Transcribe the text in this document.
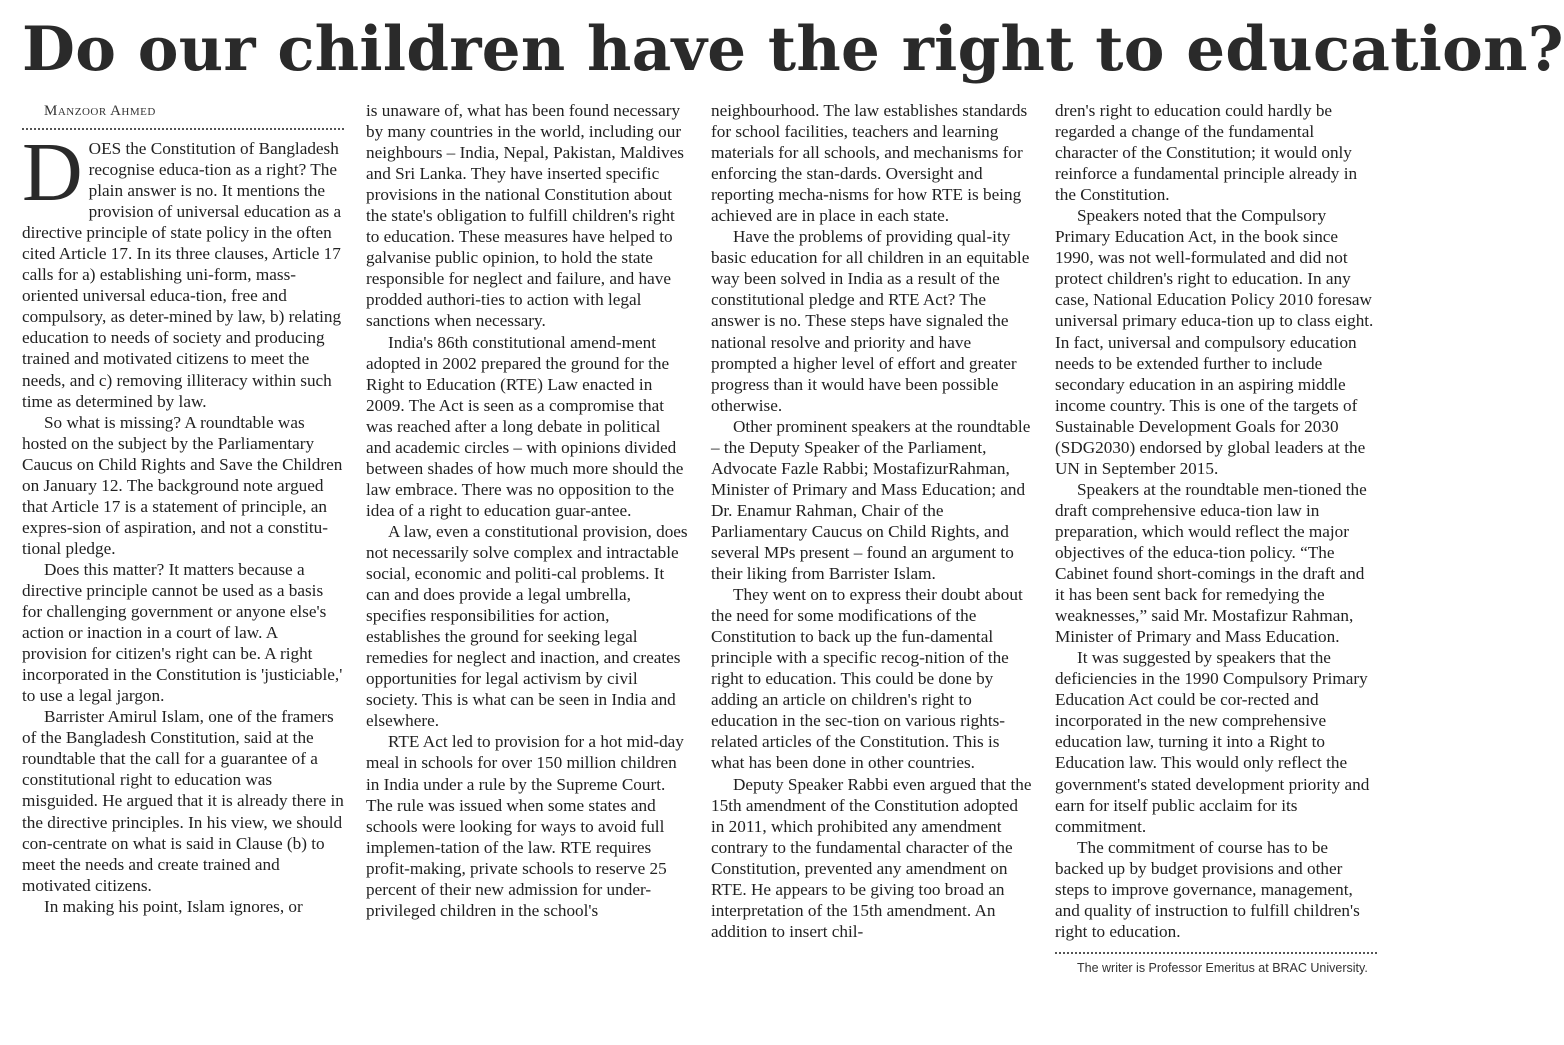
Do our children have the right to education?

Manzoor Ahmed

DOES the Constitution of Bangladesh recognise educa-tion as a right? The plain answer is no. It mentions the provision of universal education as a directive principle of state policy in the often cited Article 17. In its three clauses, Article 17 calls for a) establishing uni-form, mass-oriented universal educa-tion, free and compulsory, as deter-mined by law, b) relating education to needs of society and producing trained and motivated citizens to meet the needs, and c) removing illiteracy within such time as determined by law.

So what is missing? A roundtable was hosted on the subject by the Parliamentary Caucus on Child Rights and Save the Children on January 12. The background note argued that Article 17 is a statement of principle, an expres-sion of aspiration, and not a constitu-tional pledge.

Does this matter? It matters because a directive principle cannot be used as a basis for challenging government or anyone else's action or inaction in a court of law. A provision for citizen's right can be. A right incorporated in the Constitution is 'justiciable,' to use a legal jargon.

Barrister Amirul Islam, one of the framers of the Bangladesh Constitution, said at the roundtable that the call for a guarantee of a constitutional right to education was misguided. He argued that it is already there in the directive principles. In his view, we should con-centrate on what is said in Clause (b) to meet the needs and create trained and motivated citizens.

In making his point, Islam ignores, or

is unaware of, what has been found necessary by many countries in the world, including our neighbours – India, Nepal, Pakistan, Maldives and Sri Lanka. They have inserted specific provisions in the national Constitution about the state's obligation to fulfill children's right to education. These measures have helped to galvanise public opinion, to hold the state responsible for neglect and failure, and have prodded authori-ties to action with legal sanctions when necessary.

India's 86th constitutional amend-ment adopted in 2002 prepared the ground for the Right to Education (RTE) Law enacted in 2009. The Act is seen as a compromise that was reached after a long debate in political and academic circles – with opinions divided between shades of how much more should the law embrace. There was no opposition to the idea of a right to education guar-antee.

A law, even a constitutional provision, does not necessarily solve complex and intractable social, economic and politi-cal problems. It can and does provide a legal umbrella, specifies responsibilities for action, establishes the ground for seeking legal remedies for neglect and inaction, and creates opportunities for legal activism by civil society. This is what can be seen in India and elsewhere.

RTE Act led to provision for a hot mid-day meal in schools for over 150 million children in India under a rule by the Supreme Court. The rule was issued when some states and schools were looking for ways to avoid full implemen-tation of the law. RTE requires profit-making, private schools to reserve 25 percent of their new admission for under-privileged children in the school's

neighbourhood. The law establishes standards for school facilities, teachers and learning materials for all schools, and mechanisms for enforcing the stan-dards. Oversight and reporting mecha-nisms for how RTE is being achieved are in place in each state.

Have the problems of providing qual-ity basic education for all children in an equitable way been solved in India as a result of the constitutional pledge and RTE Act? The answer is no. These steps have signaled the national resolve and priority and have prompted a higher level of effort and greater progress than it would have been possible otherwise.

Other prominent speakers at the roundtable – the Deputy Speaker of the Parliament, Advocate Fazle Rabbi; MostafizurRahman, Minister of Primary and Mass Education; and Dr. Enamur Rahman, Chair of the Parliamentary Caucus on Child Rights, and several MPs present – found an argument to their liking from Barrister Islam.

They went on to express their doubt about the need for some modifications of the Constitution to back up the fun-damental principle with a specific recog-nition of the right to education. This could be done by adding an article on children's right to education in the sec-tion on various rights-related articles of the Constitution. This is what has been done in other countries.

Deputy Speaker Rabbi even argued that the 15th amendment of the Constitution adopted in 2011, which prohibited any amendment contrary to the fundamental character of the Constitution, prevented any amendment on RTE. He appears to be giving too broad an interpretation of the 15th amendment. An addition to insert chil-

dren's right to education could hardly be regarded a change of the fundamental character of the Constitution; it would only reinforce a fundamental principle already in the Constitution.

Speakers noted that the Compulsory Primary Education Act, in the book since 1990, was not well-formulated and did not protect children's right to education. In any case, National Education Policy 2010 foresaw universal primary educa-tion up to class eight. In fact, universal and compulsory education needs to be extended further to include secondary education in an aspiring middle income country. This is one of the targets of Sustainable Development Goals for 2030 (SDG2030) endorsed by global leaders at the UN in September 2015.

Speakers at the roundtable men-tioned the draft comprehensive educa-tion law in preparation, which would reflect the major objectives of the educa-tion policy. “The Cabinet found short-comings in the draft and it has been sent back for remedying the weaknesses,” said Mr. Mostafizur Rahman, Minister of Primary and Mass Education.

It was suggested by speakers that the deficiencies in the 1990 Compulsory Primary Education Act could be cor-rected and incorporated in the new comprehensive education law, turning it into a Right to Education law. This would only reflect the government's stated development priority and earn for itself public acclaim for its commitment.

The commitment of course has to be backed up by budget provisions and other steps to improve governance, management, and quality of instruction to fulfill children's right to education.

The writer is Professor Emeritus at BRAC University.
